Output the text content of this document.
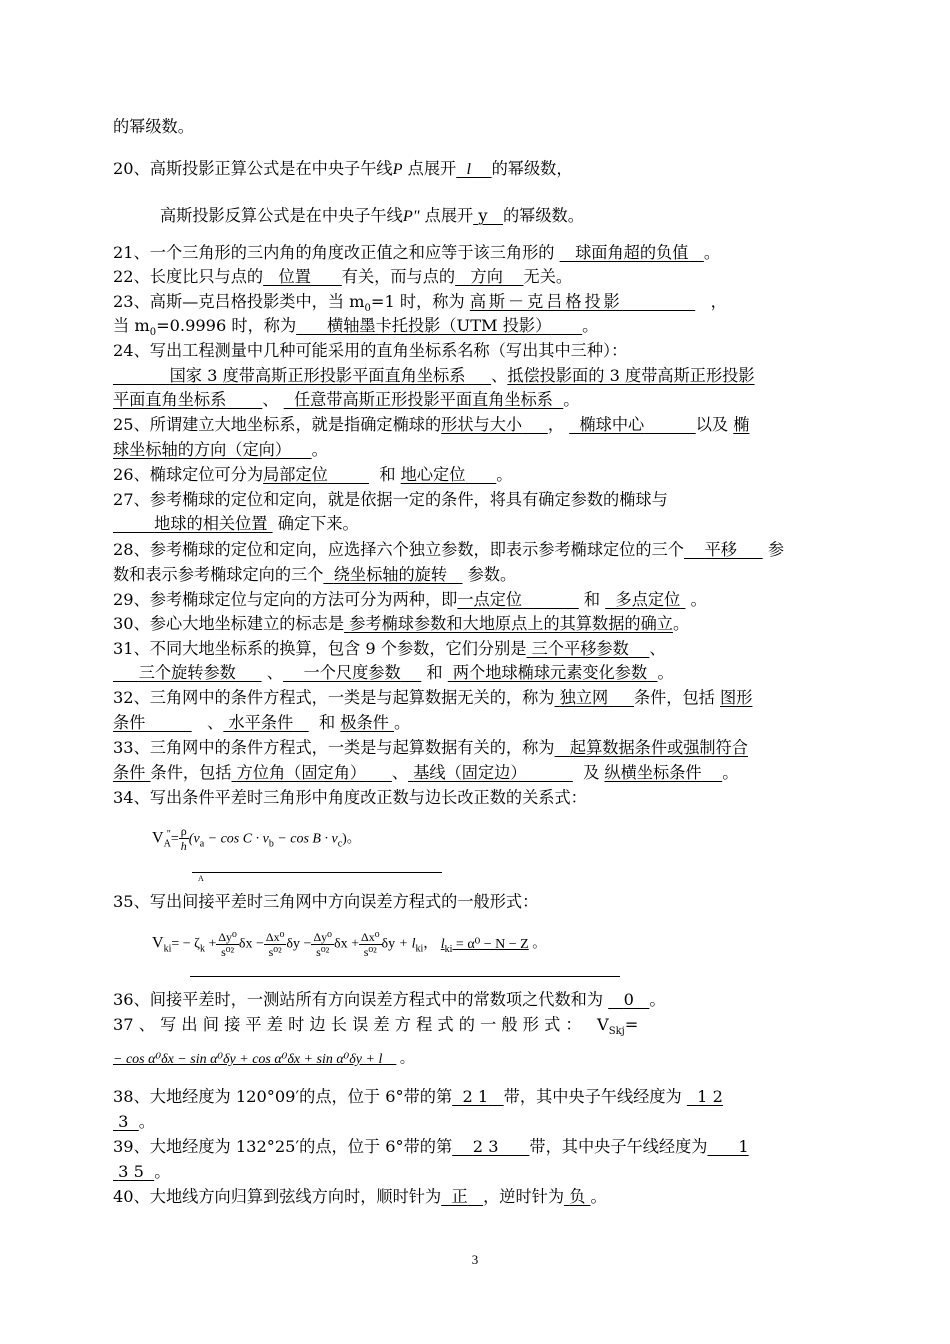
的幂级数。
20、高斯投影正算公式是在中央子午线P 点展开 l 的幂级数，
高斯投影反算公式是在中央子午线P" 点展开 y 的幂级数。
21、一个三角形的三内角的角度改正值之和应等于该三角形的 球面角超的负值 。
22、长度比只与点的 位置 有关，而与点的 方向 无关。
23、高斯—克吕格投影类中，当 $m_0=1$ 时，称为 高斯－克吕格投影	，
当 $m_0=0.9996$ 时，称为 横轴墨卡托投影（UTM 投影） 。
24、写出工程测量中几种可能采用的直角坐标系名称（写出其中三种）：
国家 3 度带高斯正形投影平面直角坐标系 、抵偿投影面的 3 度带高斯正形投影
平面直角坐标系 、 任意带高斯正形投影平面直角坐标系 。
25、所谓建立大地坐标系，就是指确定椭球的形状与大小 ， 椭球中心	以及 椭
球坐标轴的方向（定向） 。
26、椭球定位可分为局部定位	和 地心定位 。
27、参考椭球的定位和定向，就是依据一定的条件，将具有确定参数的椭球与
地球的相关位置 确定下来。
28、参考椭球的定位和定向，应选择六个独立参数，即表示参考椭球定位的三个 平移 参
数和表示参考椭球定向的三个 绕坐标轴的旋转 参数。
29、参考椭球定位与定向的方法可分为两种，即一点定位	和 多点定位 。
30、参心大地坐标建立的标志是 参考椭球参数和大地原点上的其算数据的确立。
31、不同大地坐标系的换算，包含 9 个参数，它们分别是 三个平移参数 、
三个旋转参数 、 一个尺度参数 和 两个地球椭球元素变化参数 。
32、三角网中的条件方程式，一类是与起算数据无关的，称为 独立网 条件，包括 图形
条件	、 水平条件 和 极条件 。
33、三角网中的条件方程式，一类是与起算数据有关的，称为 起算数据条件或强制符合
条件 条件，包括 方位角（固定角） 、 基线（固定边）	及 纵横坐标条件 。
34、写出条件平差时三角形中角度改正数与边长改正数的关系式：
$V_A^"= \frac{\rho}{h} (v_a - \cos C \cdot v_b - \cos B \cdot v_c)$。
A
35、写出间接平差时三角网中方向误差方程式的一般形式：
$V_{ki}= - \zeta_k + \frac{\text{Δy⁰}}{\text{s⁰²}}$ $\delta x - \frac{\text{Δx⁰}}{\text{s⁰²}}$ $\delta y - \frac{\text{Δy⁰}}{\text{s⁰²}}$ $\delta x + \frac{\text{Δx⁰}}{\text{s⁰²}}$ $\delta y + l_{ki}$， $l_{ki} = \alpha^0 - N - Z$ 。
36、间接平差时，一测站所有方向误差方程式中的常数项之代数和为 0 。
37 、 写 出 间 接 平 差 时 边 长 误 差 方 程 式 的 一 般 形 式 ： $V_{Skj}=$
− cos α⁰δx − sin α⁰δy + cos α⁰δx + sin α⁰δy + l 。
38、大地经度为 120°09′的点，位于 6°带的第 2 1 带，其中央子午线经度为 1 2
3 。
39、大地经度为 132°25′的点，位于 6°带的第 2 3 带，其中央子午线经度为 1
3 5 。
40、大地线方向归算到弦线方向时，顺时针为 正 ，逆时针为 负 。
3
